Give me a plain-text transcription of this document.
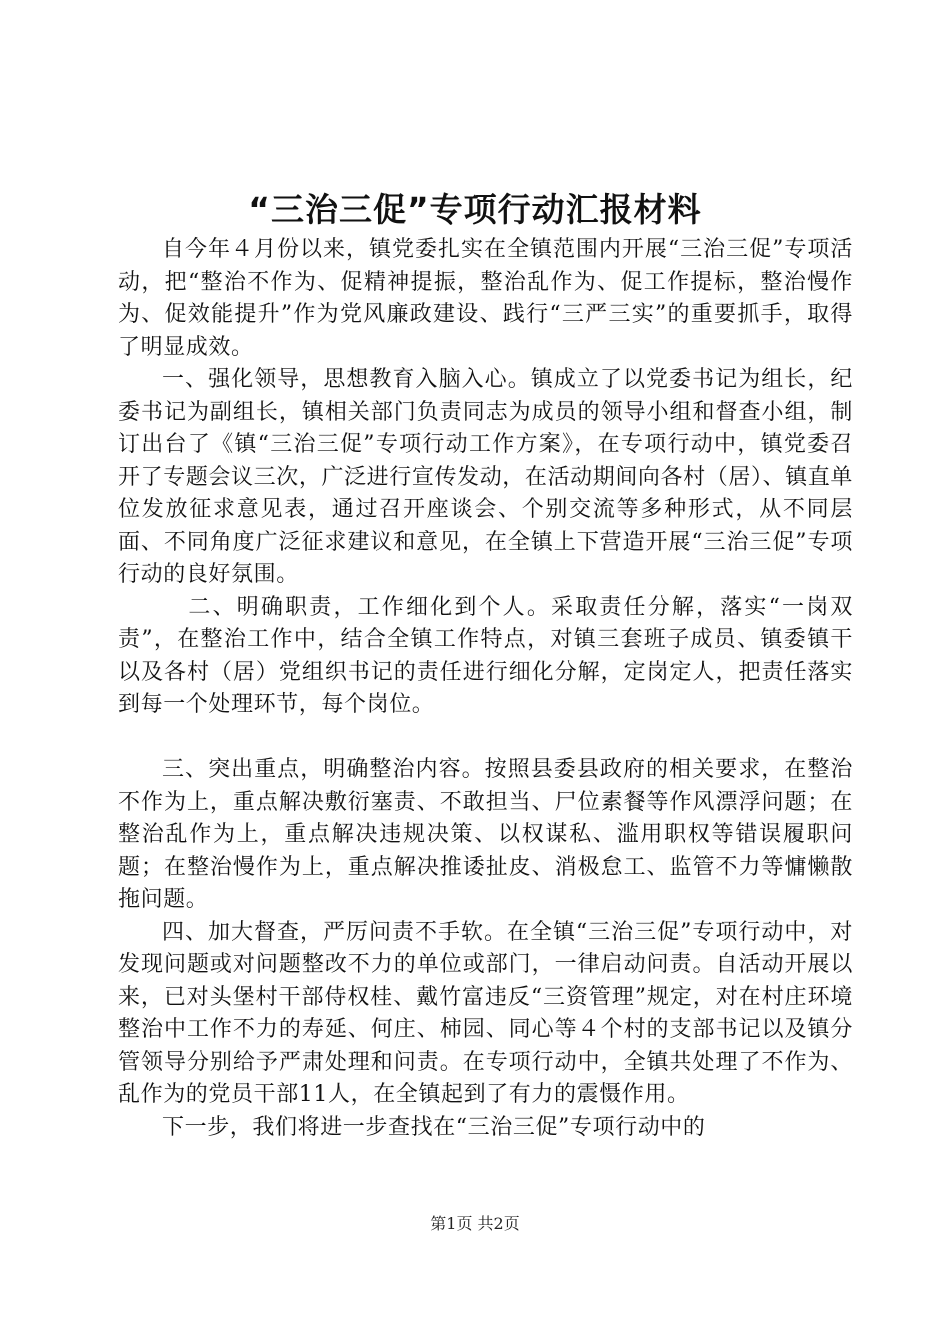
“三治三促”专项行动汇报材料

自今年４月份以来，镇党委扎实在全镇范围内开展“三治三促”专项活动，把“整治不作为、促精神提振，整治乱作为、促工作提标，整治慢作为、促效能提升”作为党风廉政建设、践行“三严三实”的重要抓手，取得了明显成效。

一、强化领导，思想教育入脑入心。镇成立了以党委书记为组长，纪委书记为副组长，镇相关部门负责同志为成员的领导小组和督查小组，制订出台了《镇“三治三促”专项行动工作方案》，在专项行动中，镇党委召开了专题会议三次，广泛进行宣传发动，在活动期间向各村（居）、镇直单位发放征求意见表，通过召开座谈会、个别交流等多种形式，从不同层面、不同角度广泛征求建议和意见，在全镇上下营造开展“三治三促”专项行动的良好氛围。

二、明确职责，工作细化到个人。采取责任分解，落实“一岗双责”，在整治工作中，结合全镇工作特点，对镇三套班子成员、镇委镇干以及各村（居）党组织书记的责任进行细化分解，定岗定人，把责任落实到每一个处理环节，每个岗位。

三、突出重点，明确整治内容。按照县委县政府的相关要求，在整治不作为上，重点解决敷衍塞责、不敢担当、尸位素餐等作风漂浮问题；在整治乱作为上，重点解决违规决策、以权谋私、滥用职权等错误履职问题；在整治慢作为上，重点解决推诿扯皮、消极怠工、监管不力等慵懒散拖问题。

四、加大督查，严厉问责不手软。在全镇“三治三促”专项行动中，对发现问题或对问题整改不力的单位或部门，一律启动问责。自活动开展以来，已对头堡村干部侍权桂、戴竹富违反“三资管理”规定，对在村庄环境整治中工作不力的寿延、何庄、柿园、同心等４个村的支部书记以及镇分管领导分别给予严肃处理和问责。在专项行动中，全镇共处理了不作为、乱作为的党员干部11人，在全镇起到了有力的震慑作用。

下一步，我们将进一步查找在“三治三促”专项行动中的

第1页 共2页
